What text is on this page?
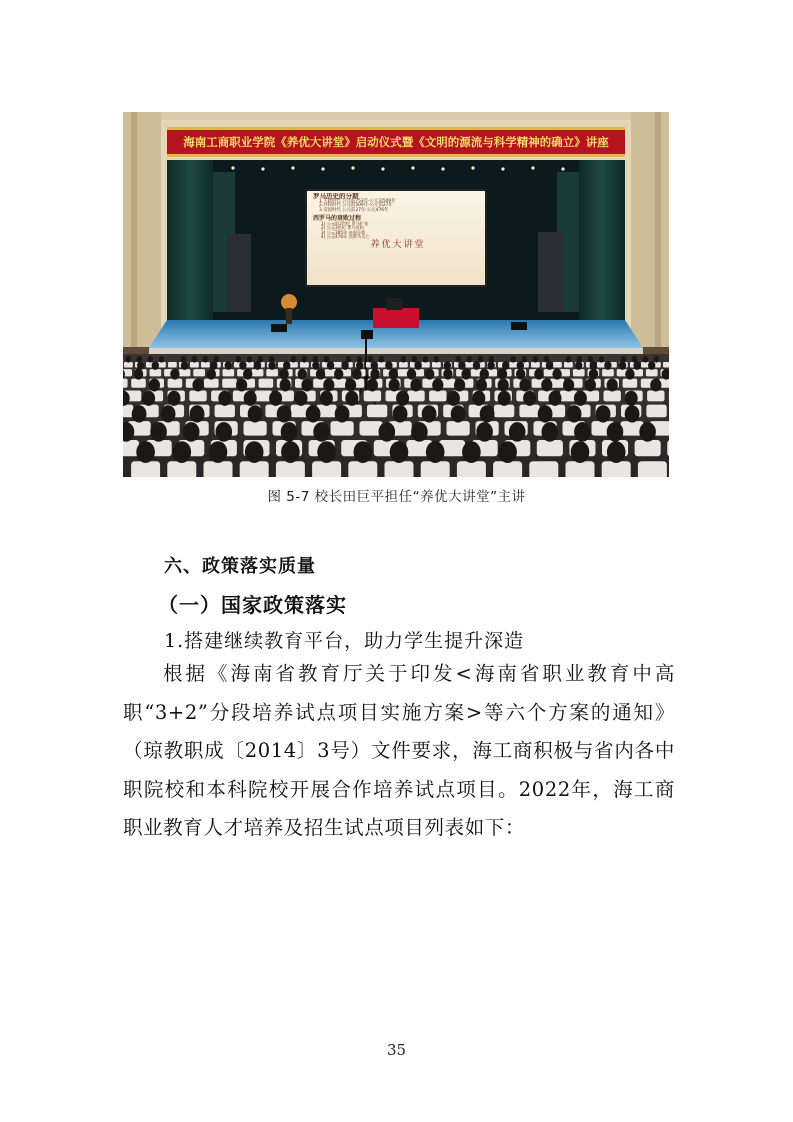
海南工商职业学院《养优大讲堂》启动仪式暨《文明的源流与科学精神的确立》讲座
罗马历史的分期
1.王政时代 公元前753年-公元前509年
2.共和时代 公元前509年-公元前27年
3.帝国时代 公元前27年-公元476年
西罗马的衰败过程
1) 公元前2世纪 罗马扩张
2) 公元3世纪 罗马危机
3) 公元395年 帝国分裂
4) 公元476年 西罗马灭亡
养优大讲堂
图 5-7 校长田巨平担任“养优大讲堂”主讲
六、政策落实质量
（一）国家政策落实
1.搭建继续教育平台，助力学生提升深造

根据《海南省教育厅关于印发<海南省职业教育中高职“3+2”分段培养试点项目实施方案>等六个方案的通知》（琼教职成〔2014〕3号）文件要求，海工商积极与省内各中职院校和本科院校开展合作培养试点项目。2022年，海工商职业教育人才培养及招生试点项目列表如下：

35
